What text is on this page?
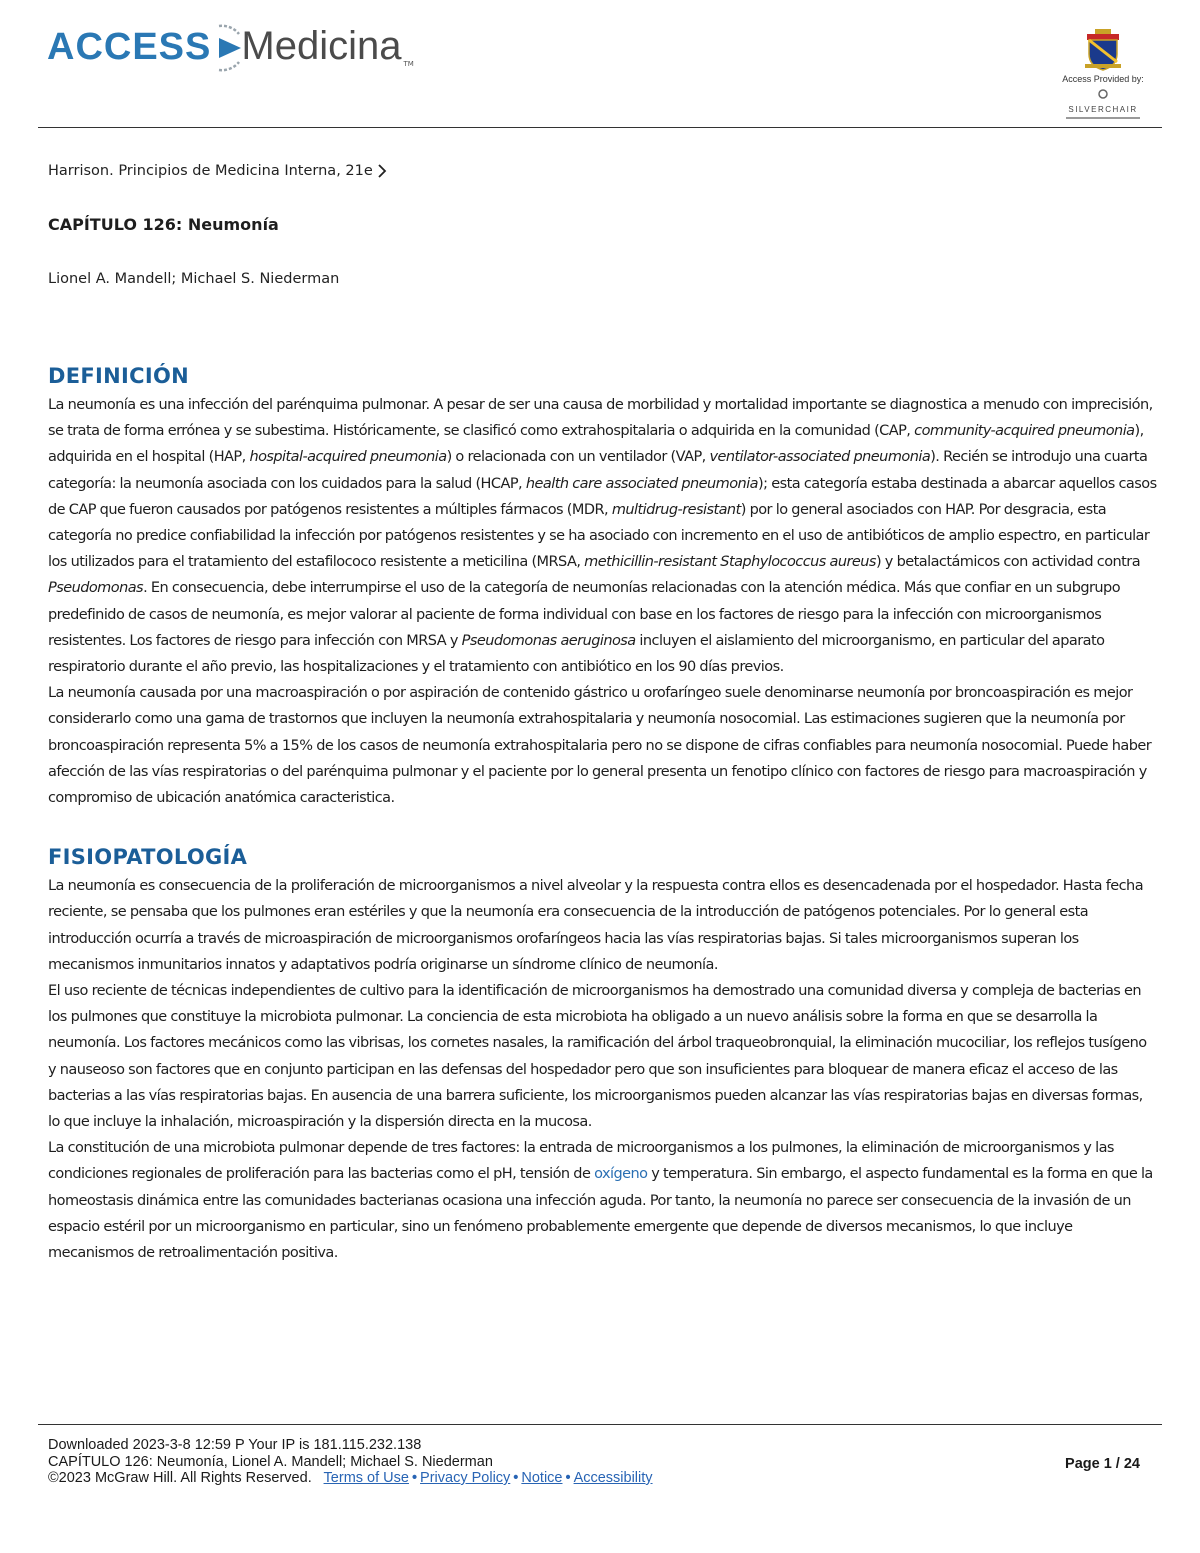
ACCESS Medicina TM
Access Provided by:
SILVERCHAIR
Harrison. Principios de Medicina Interna, 21e
CAPÍTULO 126: Neumonía
Lionel A. Mandell; Michael S. Niederman
DEFINICIÓN

La neumonía es una infección del parénquima pulmonar. A pesar de ser una causa de morbilidad y mortalidad importante se diagnostica a menudo con imprecisión, se trata de forma errónea y se subestima. Históricamente, se clasificó como extrahospitalaria o adquirida en la comunidad (CAP, community-acquired pneumonia), adquirida en el hospital (HAP, hospital-acquired pneumonia) o relacionada con un ventilador (VAP, ventilator-associated pneumonia). Recién se introdujo una cuarta categoría: la neumonía asociada con los cuidados para la salud (HCAP, health care associated pneumonia); esta categoría estaba destinada a abarcar aquellos casos de CAP que fueron causados por patógenos resistentes a múltiples fármacos (MDR, multidrug-resistant) por lo general asociados con HAP. Por desgracia, esta categoría no predice confiabilidad la infección por patógenos resistentes y se ha asociado con incremento en el uso de antibióticos de amplio espectro, en particular los utilizados para el tratamiento del estafilococo resistente a meticilina (MRSA, methicillin-resistant Staphylococcus aureus) y betalactámicos con actividad contra Pseudomonas. En consecuencia, debe interrumpirse el uso de la categoría de neumonías relacionadas con la atención médica. Más que confiar en un subgrupo predefinido de casos de neumonía, es mejor valorar al paciente de forma individual con base en los factores de riesgo para la infección con microorganismos resistentes. Los factores de riesgo para infección con MRSA y Pseudomonas aeruginosa incluyen el aislamiento del microorganismo, en particular del aparato respiratorio durante el año previo, las hospitalizaciones y el tratamiento con antibiótico en los 90 días previos.

La neumonía causada por una macroaspiración o por aspiración de contenido gástrico u orofaríngeo suele denominarse neumonía por broncoaspiración es mejor considerarlo como una gama de trastornos que incluyen la neumonía extrahospitalaria y neumonía nosocomial. Las estimaciones sugieren que la neumonía por broncoaspiración representa 5% a 15% de los casos de neumonía extrahospitalaria pero no se dispone de cifras confiables para neumonía nosocomial. Puede haber afección de las vías respiratorias o del parénquima pulmonar y el paciente por lo general presenta un fenotipo clínico con factores de riesgo para macroaspiración y compromiso de ubicación anatómica caracteristica.

FISIOPATOLOGÍA

La neumonía es consecuencia de la proliferación de microorganismos a nivel alveolar y la respuesta contra ellos es desencadenada por el hospedador. Hasta fecha reciente, se pensaba que los pulmones eran estériles y que la neumonía era consecuencia de la introducción de patógenos potenciales. Por lo general esta introducción ocurría a través de microaspiración de microorganismos orofaríngeos hacia las vías respiratorias bajas. Si tales microorganismos superan los mecanismos inmunitarios innatos y adaptativos podría originarse un síndrome clínico de neumonía.

El uso reciente de técnicas independientes de cultivo para la identificación de microorganismos ha demostrado una comunidad diversa y compleja de bacterias en los pulmones que constituye la microbiota pulmonar. La conciencia de esta microbiota ha obligado a un nuevo análisis sobre la forma en que se desarrolla la neumonía. Los factores mecánicos como las vibrisas, los cornetes nasales, la ramificación del árbol traqueobronquial, la eliminación mucociliar, los reflejos tusígeno y nauseoso son factores que en conjunto participan en las defensas del hospedador pero que son insuficientes para bloquear de manera eficaz el acceso de las bacterias a las vías respiratorias bajas. En ausencia de una barrera suficiente, los microorganismos pueden alcanzar las vías respiratorias bajas en diversas formas, lo que incluye la inhalación, microaspiración y la dispersión directa en la mucosa.

La constitución de una microbiota pulmonar depende de tres factores: la entrada de microorganismos a los pulmones, la eliminación de microorganismos y las condiciones regionales de proliferación para las bacterias como el pH, tensión de oxígeno y temperatura. Sin embargo, el aspecto fundamental es la forma en que la homeostasis dinámica entre las comunidades bacterianas ocasiona una infección aguda. Por tanto, la neumonía no parece ser consecuencia de la invasión de un espacio estéril por un microorganismo en particular, sino un fenómeno probablemente emergente que depende de diversos mecanismos, lo que incluye mecanismos de retroalimentación positiva.

Downloaded 2023-3-8 12:59 P Your IP is 181.115.232.138
CAPÍTULO 126: Neumonía, Lionel A. Mandell; Michael S. Niederman
©2023 McGraw Hill. All Rights Reserved. Terms of Use • Privacy Policy • Notice • Accessibility
Page 1 / 24
